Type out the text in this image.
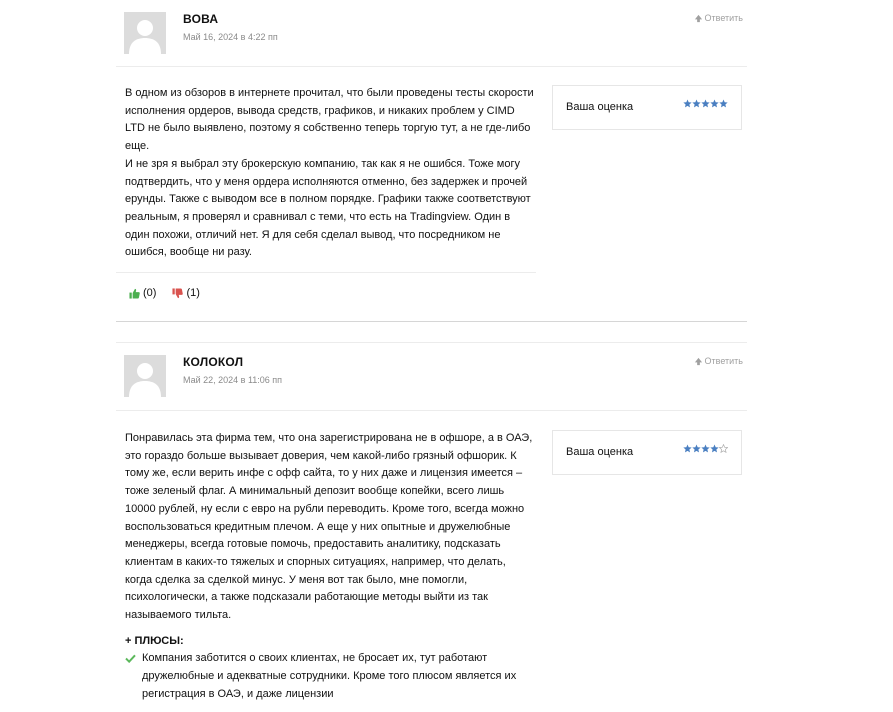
ВОВА
Май 16, 2024 в 4:22 пп
Ответить

В одном из обзоров в интернете прочитал, что были проведены тесты скорости исполнения ордеров, вывода средств, графиков, и никаких проблем у CIMD LTD не было выявлено, поэтому я собственно теперь торгую тут, а не где-либо еще.

И не зря я выбрал эту брокерскую компанию, так как я не ошибся. Тоже могу подтвердить, что у меня ордера исполняются отменно, без задержек и прочей ерунды. Также с выводом все в полном порядке. Графики также соответствуют реальным, я проверял и сравнивал с теми, что есть на Tradingview. Один в один похожи, отличий нет. Я для себя сделал вывод, что посредником не ошибся, вообще ни разу.

Ваша оценка
(0)	(1)
КОЛОКОЛ
Май 22, 2024 в 11:06 пп
Ответить

Понравилась эта фирма тем, что она зарегистрирована не в офшоре, а в ОАЭ, это гораздо больше вызывает доверия, чем какой-либо грязный офшорик. К тому же, если верить инфе с офф сайта, то у них даже и лицензия имеется – тоже зеленый флаг. А минимальный депозит вообще копейки, всего лишь 10000 рублей, ну если с евро на рубли переводить. Кроме того, всегда можно воспользоваться кредитным плечом. А еще у них опытные и дружелюбные менеджеры, всегда готовые помочь, предоставить аналитику, подсказать клиентам в каких-то тяжелых и спорных ситуациях, например, что делать, когда сделка за сделкой минус. У меня вот так было, мне помогли, психологически, а также подсказали работающие методы выйти из так называемого тильта.

+ ПЛЮСЫ:
Компания заботится о своих клиентах, не бросает их, тут работают дружелюбные и адекватные сотрудники. Кроме того плюсом является их регистрация в ОАЭ, и даже лицензии
Ваша оценка
